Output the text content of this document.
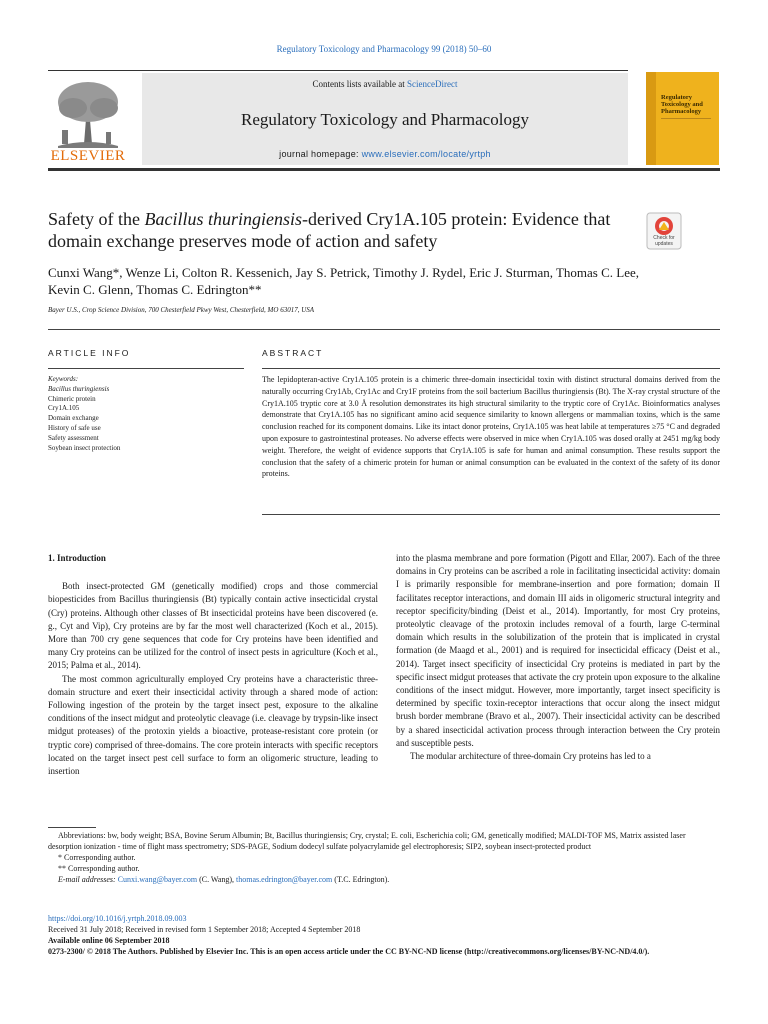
Regulatory Toxicology and Pharmacology 99 (2018) 50–60
ELSEVIER
Contents lists available at ScienceDirect
Regulatory Toxicology and Pharmacology
journal homepage: www.elsevier.com/locate/yrtph
Regulatory Toxicology and Pharmacology
Safety of the Bacillus thuringiensis-derived Cry1A.105 protein: Evidence that domain exchange preserves mode of action and safety	Check for updates
Cunxi Wang*, Wenze Li, Colton R. Kessenich, Jay S. Petrick, Timothy J. Rydel, Eric J. Sturman, Thomas C. Lee, Kevin C. Glenn, Thomas C. Edrington**
Bayer U.S., Crop Science Division, 700 Chesterfield Pkwy West, Chesterfield, MO 63017, USA
ARTICLE INFO	ABSTRACT
Keywords:
Bacillus thuringiensis
Chimeric protein
Cry1A.105
Domain exchange
History of safe use
Safety assessment
Soybean insect protection
The lepidopteran-active Cry1A.105 protein is a chimeric three-domain insecticidal toxin with distinct structural domains derived from the naturally occurring Cry1Ab, Cry1Ac and Cry1F proteins from the soil bacterium Bacillus thuringiensis (Bt). The X-ray crystal structure of the Cry1A.105 tryptic core at 3.0 Å resolution demonstrates its high structural similarity to the tryptic core of Cry1Ac. Bioinformatics analyses demonstrate that Cry1A.105 has no significant amino acid sequence similarity to known allergens or mammalian toxins, which is the same conclusion reached for its component domains. Like its intact donor proteins, Cry1A.105 was heat labile at temperatures ≥75 °C and degraded upon exposure to gastrointestinal proteases. No adverse effects were observed in mice when Cry1A.105 was dosed orally at 2451 mg/kg body weight. Therefore, the weight of evidence supports that Cry1A.105 is safe for human and animal consumption. These results support the conclusion that the safety of a chimeric protein for human or animal consumption can be evaluated in the context of the safety of its donor proteins.
1. Introduction

Both insect-protected GM (genetically modified) crops and those commercial biopesticides from Bacillus thuringiensis (Bt) typically contain active insecticidal crystal (Cry) proteins. Although other classes of Bt insecticidal proteins have been discovered (e. g., Cyt and Vip), Cry proteins are by far the most well characterized (Koch et al., 2015). More than 700 cry gene sequences that code for Cry proteins have been identified and many Cry proteins can be utilized for the control of insect pests in agriculture (Koch et al., 2015; Palma et al., 2014).

The most common agriculturally employed Cry proteins have a characteristic three-domain structure and exert their insecticidal activity through a shared mode of action: Following ingestion of the protein by the target insect pest, exposure to the alkaline conditions of the insect midgut and proteolytic cleavage (i.e. cleavage by trypsin-like insect midgut proteases) of the protoxin yields a bioactive, protease-resistant core protein (or tryptic core) comprised of three-domains. The core protein interacts with specific receptors located on the target insect pest cell surface to form an oligomeric structure, leading to insertion

into the plasma membrane and pore formation (Pigott and Ellar, 2007). Each of the three domains in Cry proteins can be ascribed a role in facilitating insecticidal activity: domain I is primarily responsible for membrane-insertion and pore formation; domain II facilitates receptor interactions, and domain III aids in oligomeric structural integrity and receptor specificity/binding (Deist et al., 2014). Importantly, for most Cry proteins, proteolytic cleavage of the protoxin includes removal of a fourth, large C-terminal domain which results in the solubilization of the protein that is implicated in crystal formation (de Maagd et al., 2001) and is required for insecticidal efficacy (Deist et al., 2014). Target insect specificity of insecticidal Cry proteins is mediated in part by the specific insect midgut proteases that activate the cry protein upon exposure to the alkaline conditions of the insect midgut. However, more importantly, target insect specificity is determined by specific toxin-receptor interactions that occur along the insect midgut brush border membrane (Bravo et al., 2007). Their insecticidal activity can be described by a shared insecticidal activation process through interaction between the Cry protein and susceptible pests.

The modular architecture of three-domain Cry proteins has led to a

Abbreviations: bw, body weight; BSA, Bovine Serum Albumin; Bt, Bacillus thuringiensis; Cry, crystal; E. coli, Escherichia coli; GM, genetically modified; MALDI-TOF MS, Matrix assisted laser desorption ionization - time of flight mass spectrometry; SDS-PAGE, Sodium dodecyl sulfate polyacrylamide gel electrophoresis; SIP2, soybean insect-protected product

* Corresponding author.

** Corresponding author.

E-mail addresses: Cunxi.wang@bayer.com (C. Wang), thomas.edrington@bayer.com (T.C. Edrington).

https://doi.org/10.1016/j.yrtph.2018.09.003

Received 31 July 2018; Received in revised form 1 September 2018; Accepted 4 September 2018

Available online 06 September 2018

0273-2300/ © 2018 The Authors. Published by Elsevier Inc. This is an open access article under the CC BY-NC-ND license (http://creativecommons.org/licenses/BY-NC-ND/4.0/).
